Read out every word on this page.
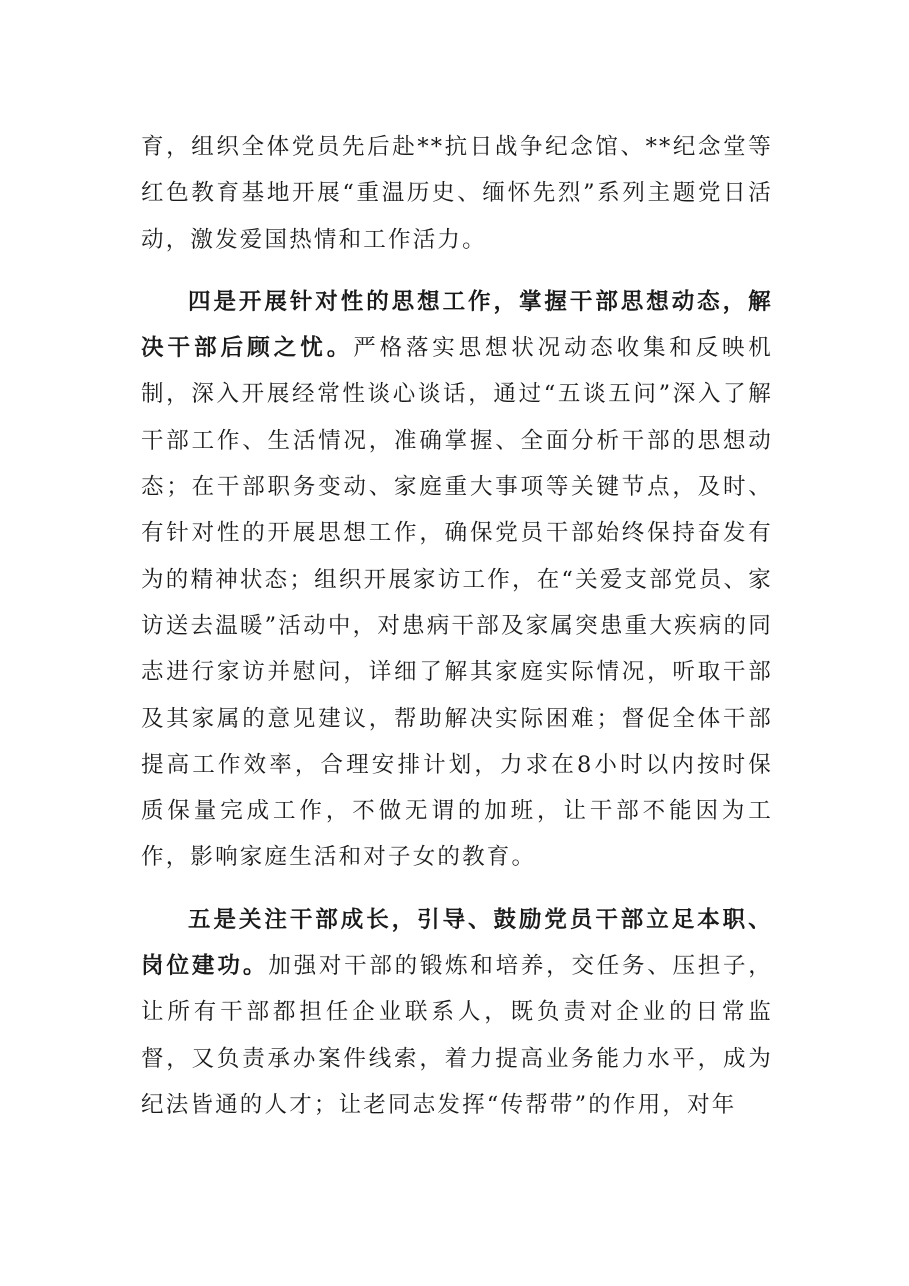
育，组织全体党员先后赴**抗日战争纪念馆、**纪念堂等红色教育基地开展“重温历史、缅怀先烈”系列主题党日活动，激发爱国热情和工作活力。

四是开展针对性的思想工作，掌握干部思想动态，解决干部后顾之忧。严格落实思想状况动态收集和反映机制，深入开展经常性谈心谈话，通过“五谈五问”深入了解干部工作、生活情况，准确掌握、全面分析干部的思想动态；在干部职务变动、家庭重大事项等关键节点，及时、有针对性的开展思想工作，确保党员干部始终保持奋发有为的精神状态；组织开展家访工作，在“关爱支部党员、家访送去温暖”活动中，对患病干部及家属突患重大疾病的同志进行家访并慰问，详细了解其家庭实际情况，听取干部及其家属的意见建议，帮助解决实际困难；督促全体干部提高工作效率，合理安排计划，力求在8小时以内按时保质保量完成工作，不做无谓的加班，让干部不能因为工作，影响家庭生活和对子女的教育。

五是关注干部成长，引导、鼓励党员干部立足本职、岗位建功。加强对干部的锻炼和培养，交任务、压担子，让所有干部都担任企业联系人，既负责对企业的日常监督，又负责承办案件线索，着力提高业务能力水平，成为纪法皆通的人才；让老同志发挥“传帮带”的作用，对年
